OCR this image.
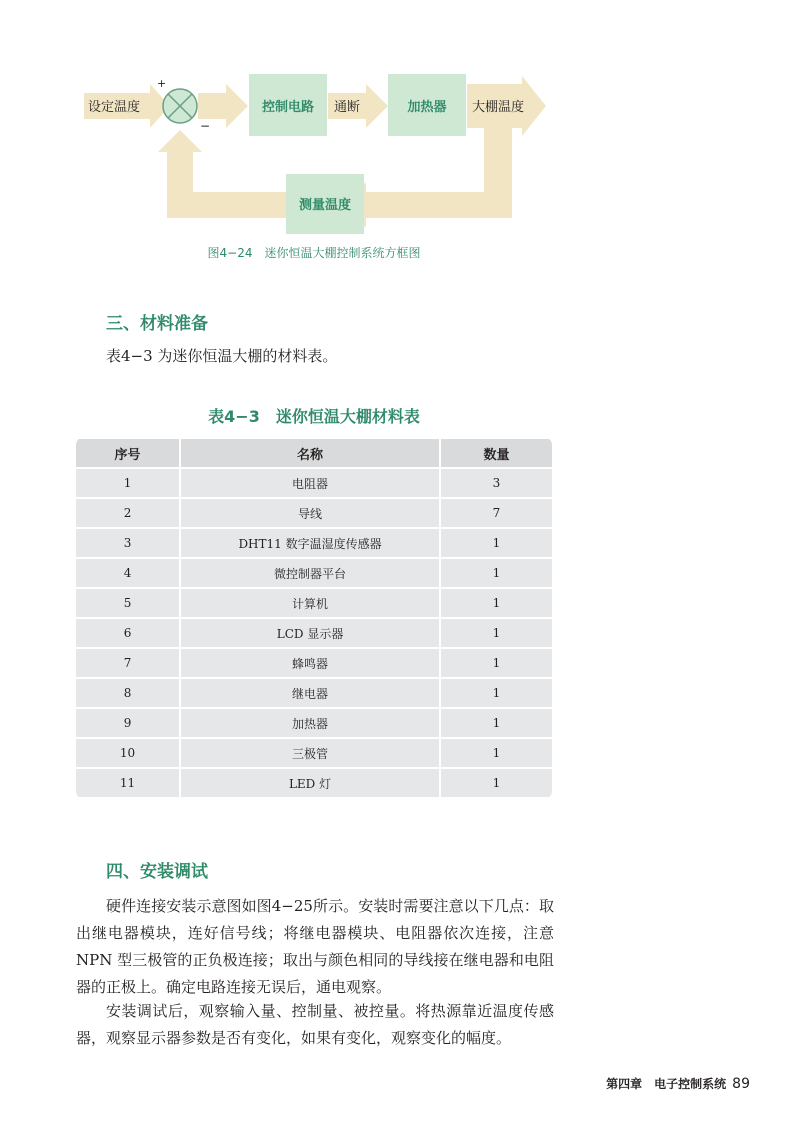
设定温度
+
−
控制电路 通断	加热器 大棚温度
测量温度
图4−24　迷你恒温大棚控制系统方框图
三、材料准备
表4−3 为迷你恒温大棚的材料表。
表4−3　迷你恒温大棚材料表
序号	名称	数量
1	电阻器	3
2	导线	7
3	DHT11 数字温湿度传感器	1
4	微控制器平台	1
5	计算机	1
6	LCD 显示器	1
7	蜂鸣器	1
8	继电器	1
9	加热器	1
10	三极管	1
11	LED 灯	1
四、安装调试
硬件连接安装示意图如图4−25所示。安装时需要注意以下几点：取出继电器模块，连好信号线；将继电器模块、电阻器依次连接，注意NPN 型三极管的正负极连接；取出与颜色相同的导线接在继电器和电阻器的正极上。确定电路连接无误后，通电观察。
安装调试后，观察输入量、控制量、被控量。将热源靠近温度传感器，观察显示器参数是否有变化，如果有变化，观察变化的幅度。
第四章　电子控制系统 89
